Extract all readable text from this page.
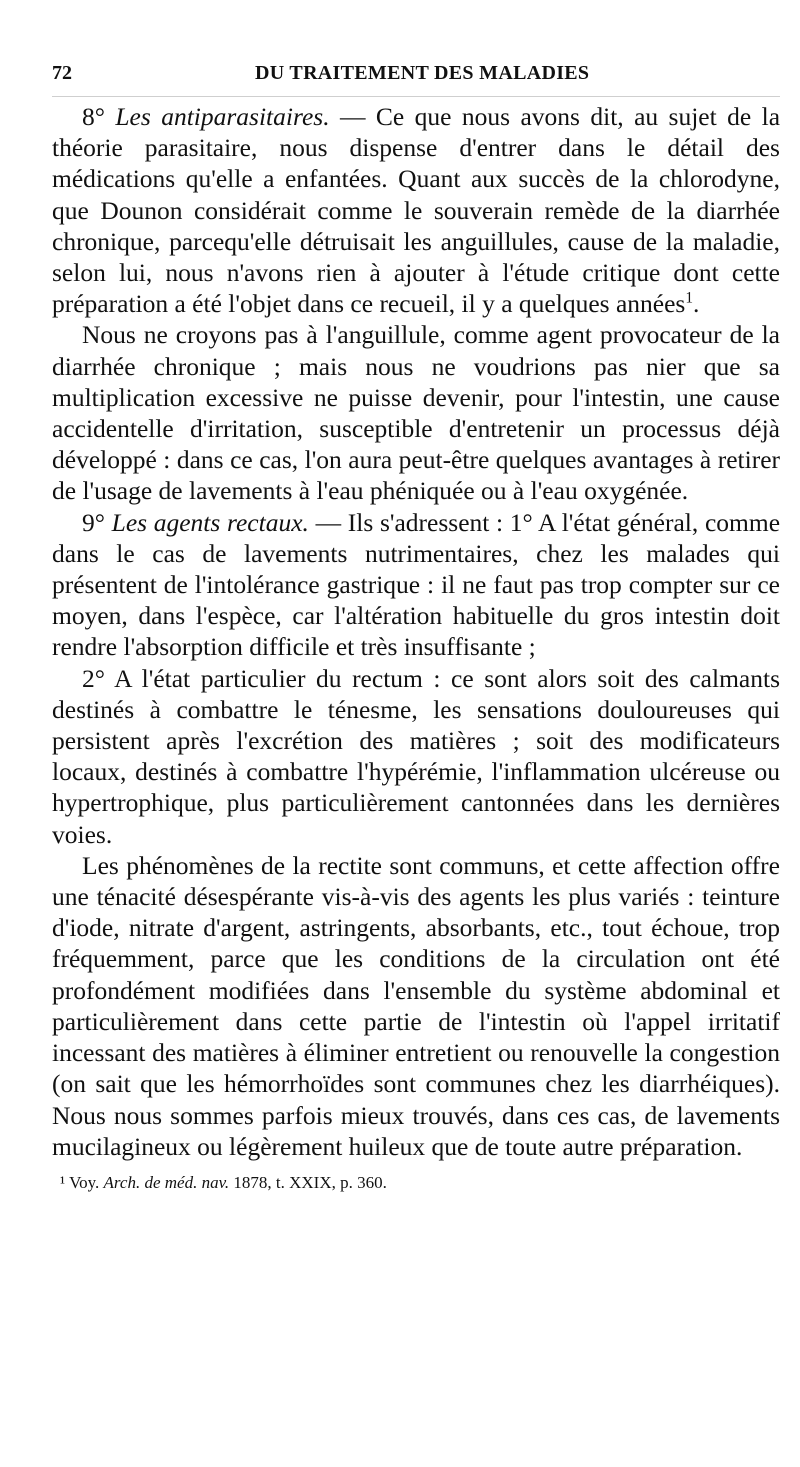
72	DU TRAITEMENT DES MALADIES

8° Les antiparasitaires. — Ce que nous avons dit, au sujet de la théorie parasitaire, nous dispense d'entrer dans le détail des médications qu'elle a enfantées. Quant aux succès de la chlorodyne, que Dounon considérait comme le souverain remède de la diarrhée chronique, parcequ'elle détruisait les anguillules, cause de la maladie, selon lui, nous n'avons rien à ajouter à l'étude critique dont cette préparation a été l'objet dans ce recueil, il y a quelques années$^1$.

Nous ne croyons pas à l'anguillule, comme agent provocateur de la diarrhée chronique ; mais nous ne voudrions pas nier que sa multiplication excessive ne puisse devenir, pour l'intestin, une cause accidentelle d'irritation, susceptible d'entretenir un processus déjà développé : dans ce cas, l'on aura peut-être quelques avantages à retirer de l'usage de lavements à l'eau phéniquée ou à l'eau oxygénée.

9° Les agents rectaux. — Ils s'adressent : 1° A l'état général, comme dans le cas de lavements nutrimentaires, chez les malades qui présentent de l'intolérance gastrique : il ne faut pas trop compter sur ce moyen, dans l'espèce, car l'altération habituelle du gros intestin doit rendre l'absorption difficile et très insuffisante ;

2° A l'état particulier du rectum : ce sont alors soit des calmants destinés à combattre le ténesme, les sensations douloureuses qui persistent après l'excrétion des matières ; soit des modificateurs locaux, destinés à combattre l'hypérémie, l'inflammation ulcéreuse ou hypertrophique, plus particulièrement cantonnées dans les dernières voies.

Les phénomènes de la rectite sont communs, et cette affection offre une ténacité désespérante vis-à-vis des agents les plus variés : teinture d'iode, nitrate d'argent, astringents, absorbants, etc., tout échoue, trop fréquemment, parce que les conditions de la circulation ont été profondément modifiées dans l'ensemble du système abdominal et particulièrement dans cette partie de l'intestin où l'appel irritatif incessant des matières à éliminer entretient ou renouvelle la congestion (on sait que les hémorrhoïdes sont communes chez les diarrhéiques). Nous nous sommes parfois mieux trouvés, dans ces cas, de lavements mucilagineux ou légèrement huileux que de toute autre préparation.

¹ Voy. Arch. de méd. nav. 1878, t. XXIX, p. 360.
